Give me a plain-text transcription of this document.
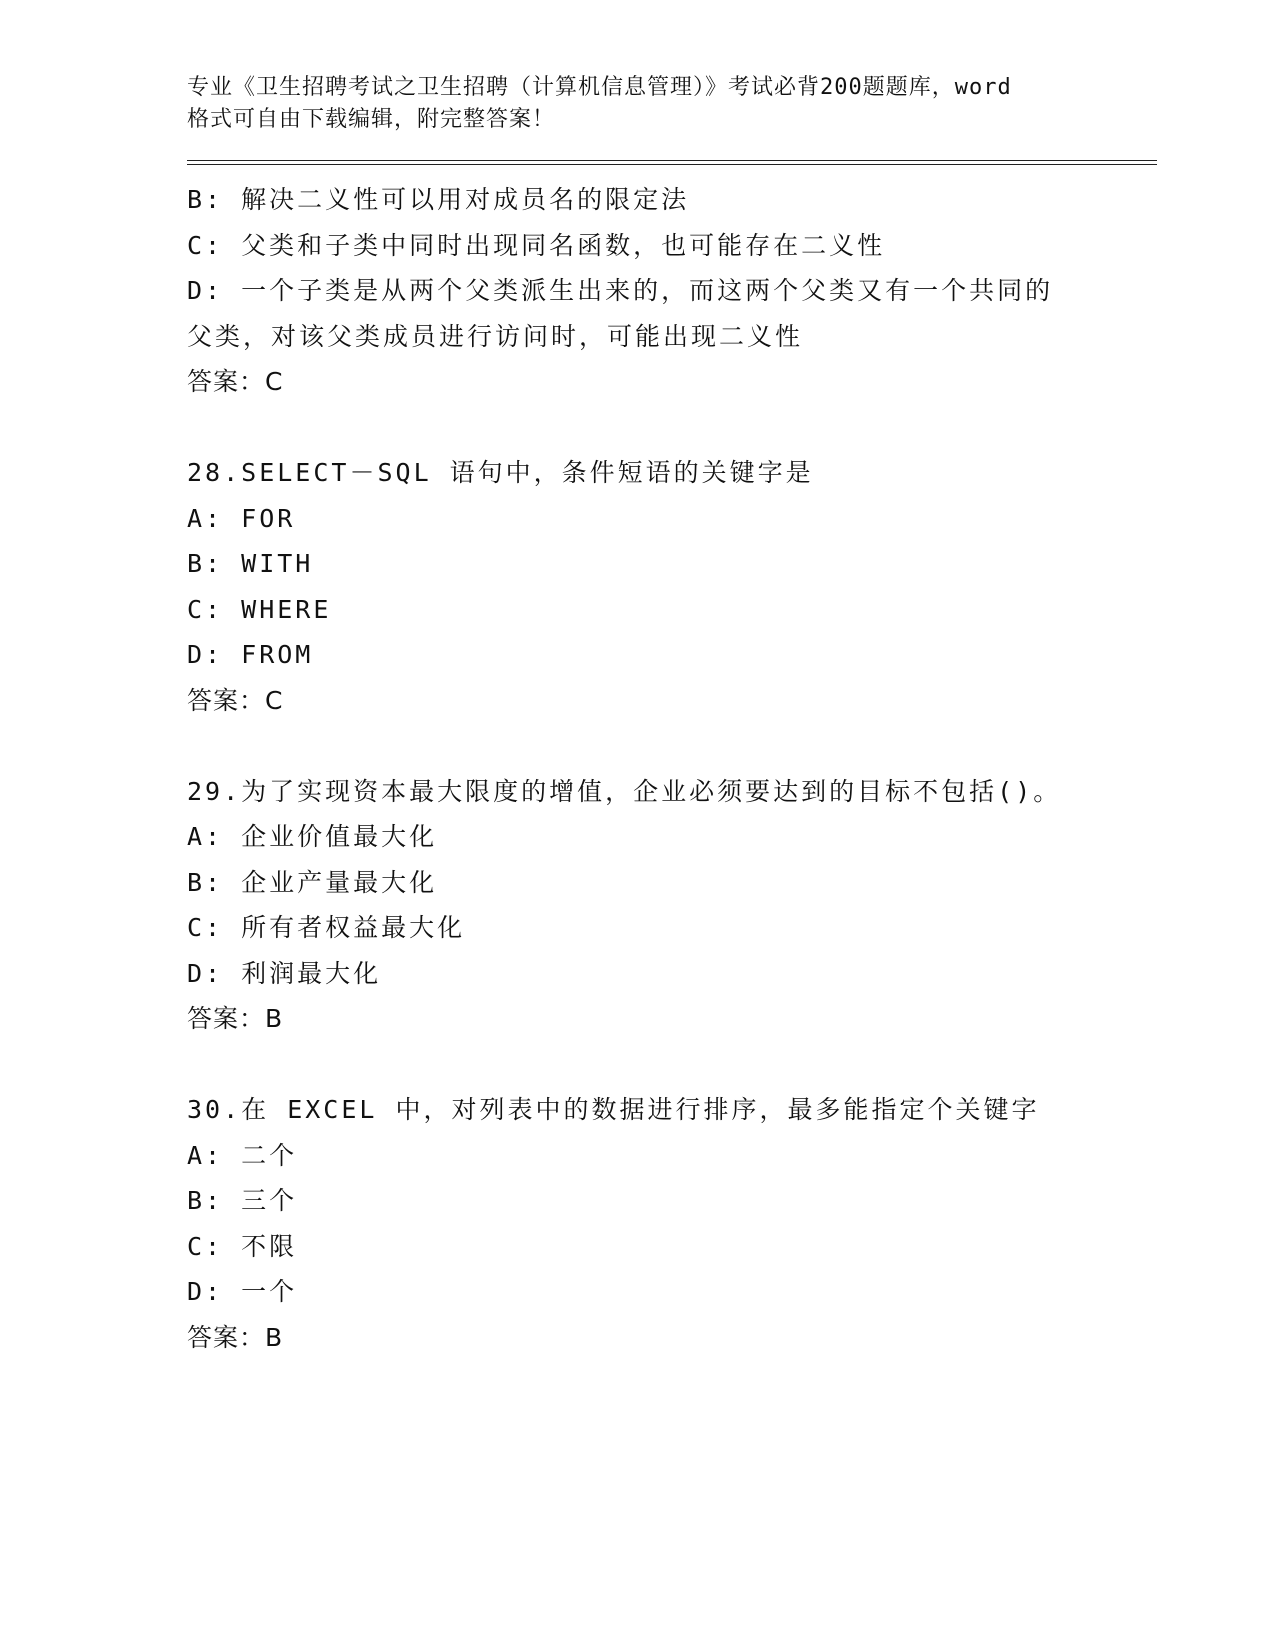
专业《卫生招聘考试之卫生招聘（计算机信息管理）》考试必背200题题库，word
格式可自由下载编辑，附完整答案！
B: 解决二义性可以用对成员名的限定法
C: 父类和子类中同时出现同名函数，也可能存在二义性
D: 一个子类是从两个父类派生出来的，而这两个父类又有一个共同的
父类，对该父类成员进行访问时，可能出现二义性
答案：C
28.SELECT－SQL 语句中，条件短语的关键字是
A: FOR
B: WITH
C: WHERE
D: FROM
答案：C
29.为了实现资本最大限度的增值，企业必须要达到的目标不包括()。
A: 企业价值最大化
B: 企业产量最大化
C: 所有者权益最大化
D: 利润最大化
答案：B
30.在 EXCEL 中，对列表中的数据进行排序，最多能指定个关键字
A: 二个
B: 三个
C: 不限
D: 一个
答案：B
